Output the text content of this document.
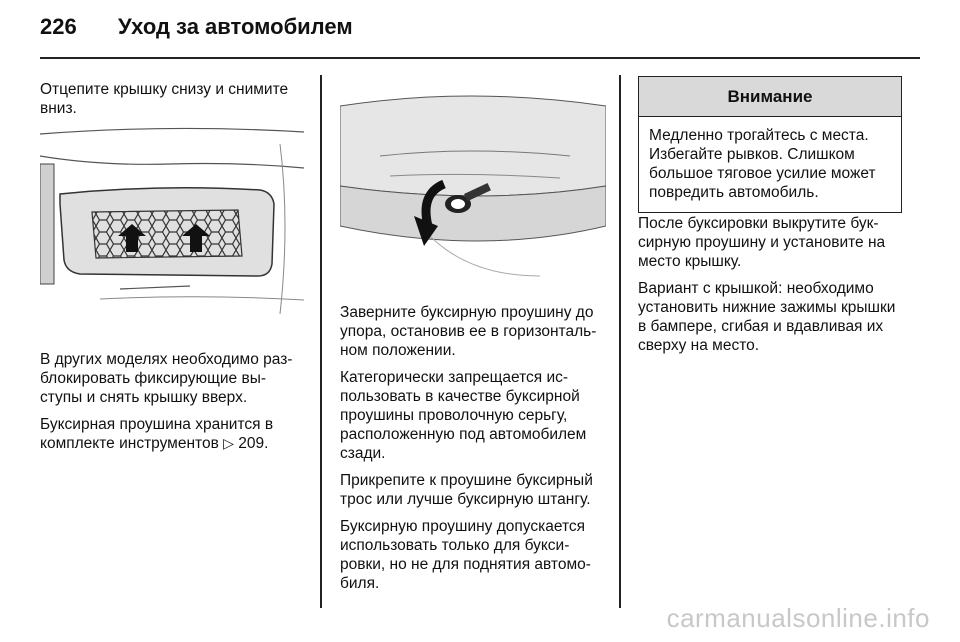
226	Уход за автомобилем

Отцепите крышку снизу и снимите вниз.

В других моделях необходимо раз-блокировать фиксирующие вы-ступы и снять крышку вверх.

Буксирная проушина хранится в комплекте инструментов ▷ 209.

Заверните буксирную проушину до упора, остановив ее в горизонталь-ном положении.

Категорически запрещается ис-пользовать в качестве буксирной проушины проволочную серьгу, расположенную под автомобилем сзади.

Прикрепите к проушине буксирный трос или лучше буксирную штангу.

Буксирную проушину допускается использовать только для букси-ровки, но не для поднятия автомо-биля.

Внимание
Медленно трогайтесь с места. Избегайте рывков. Слишком большое тяговое усилие может повредить автомобиль.

После буксировки выкрутите бук-сирную проушину и установите на место крышку.

Вариант с крышкой: необходимо установить нижние зажимы крышки в бампере, сгибая и вдавливая их сверху на место.

carmanualsonline.info
